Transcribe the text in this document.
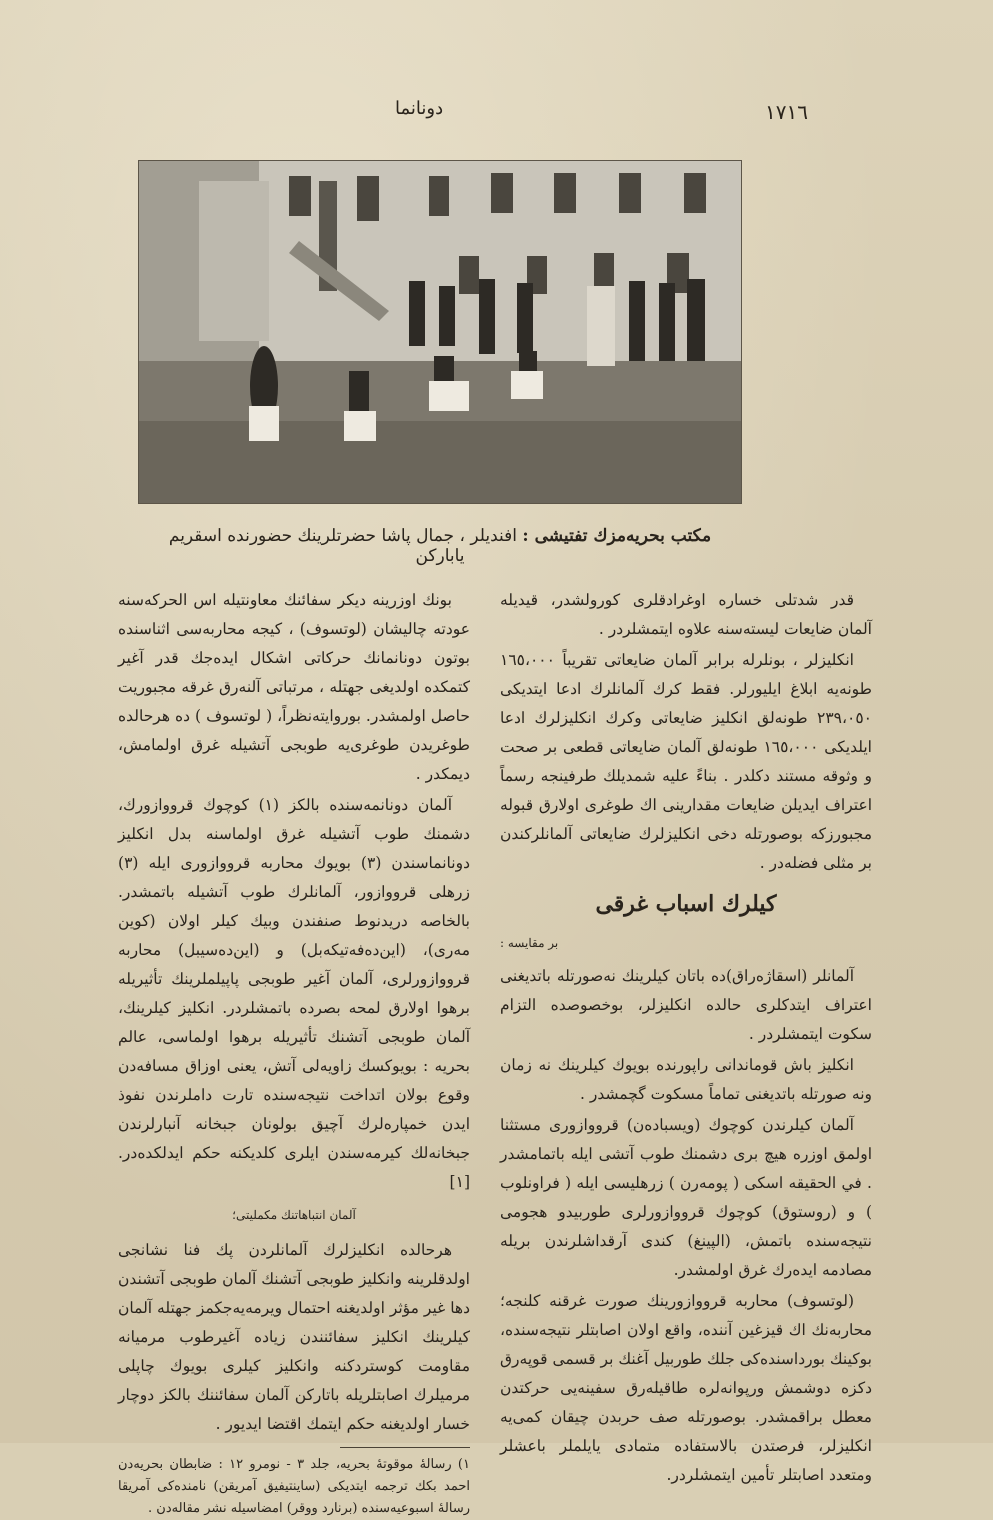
دونانما	١٧١٦
مكتب بحريه‌مزك تفتيشى : افنديلر ، جمال پاشا حضرتلرينك حضورنده اسقريم يابارکن

قدر شدتلى خساره اوغرادقلرى كورولشدر، قيديله آلمان ضايعات ليسته‌سنه علاوه ايتمشلردر .

انكليزلر ، بونلرله برابر آلمان ضايعاتى تقريباً ١٦٥،٠٠٠ طونه‌يه ابلاغ ايليورلر. فقط كرك آلمانلرك ادعا ايتديكى ٢٣٩،٠٥٠ طونه‌لق انكليز ضايعاتى وكرك انكليزلرك ادعا ايلديكى ١٦٥،٠٠٠ طونه‌لق آلمان ضايعاتى قطعى بر صحت و وثوقه مستند دكلدر . بناءً عليه شمديلك طرفينجه رسماً اعتراف ايديلن ضايعات مقدارينى اك طوغرى اولارق قبوله مجبورزكه بوصورتله دخى انكليزلرك ضايعاتى آلمانلركندن بر مثلى فضله‌در .

كيلرك اسباب غرقى
بر مقايسه :

آلمانلر (اسقاژه‌راق)ده باتان كيلرينك نه‌صورتله باتديغنى اعتراف ايتدكلرى حالده انكليزلر، بوخصوصده التزام سكوت ايتمشلردر .

انكليز باش قوماندانى راپورنده بويوك كيلرينك نه زمان ونه صورتله باتديغنى تماماً مسكوت گچمشدر .

آلمان كيلرندن كوچوك (ويسبادەن) قرووازورى مستثنا اولمق اوزره هيچ برى دشمنك طوب آتشى ايله باتمامشدر . في الحقيقه اسكى ( پومه‌رن ) زرهليسى ايله ( فراونلوب ) و (روستوق) كوچوك قرووازورلرى طوربيدو هجومى نتيجه‌سنده باتمش، (الپينغ) كندى آرقداشلرندن بريله مصادمه ايده‌رك غرق اولمشدر.

(لوتسوف) محاربه قرووازورينك صورت غرقنه كلنجه؛ محاربه‌نك اك قيزغين آننده، واقع اولان اصابتلر نتيجه‌سنده، بوكينك بورداسنده‌كى جلك طوربيل آغنك بر قسمى قوپه‌رق دكزه دوشمش ورپوانه‌لره طاقيله‌رق سفينه‌يى حركتدن معطل براقمشدر. بوصورتله صف حربدن چيقان كمى‌يه انكليزلر، فرصتدن بالاستفاده متمادى يايلملر باعشلر ومتعدد اصابتلر تأمين ايتمشلردر.

بونك اوزرينه ديكر سفائنك معاونتيله اس الحركه‌سنه عودته چاليشان (لوتسوف) ، كيجه محاربه‌سى اثناسنده بوتون دونانمانك حركاتى اشكال ايده‌جك قدر آغير كتمكده اولديغى جهتله ، مرتباتى آلنه‌رق غرقه مجبوريت حاصل اولمشدر. بوروايته‌نظراً، ( لوتسوف ) ده هرحالده طوغريدن طوغرى‌يه طوبجى آتشيله غرق اولمامش، ديمكدر .

آلمان دونانمه‌سنده بالكز (١) كوچوك قرووازورك، دشمنك طوب آتشيله غرق اولماسنه بدل انكليز دونانماسندن (٣) بويوك محاربه قرووازورى ايله (٣) زرهلى قرووازور، آلمانلرك طوب آتشيله باتمشدر. بالخاصه دريدنوط صنفندن وبيك كيلر اولان (كوين مه‌رى)، (اين‌ده‌فه‌تيكه‌بل) و (اين‌ده‌سيبل) محاربه قرووازورلرى، آلمان آغير طوبجى پاپيلملرينك تأثيريله برهوا اولارق لمحه بصرده باتمشلردر. انكليز كيلرينك، آلمان طوبجى آتشنك تأثيريله برهوا اولماسى، عالم بحريه : بويوكسك زاويه‌لى آتش، يعنى اوزاق مسافه‌دن وقوع بولان اتداخت نتيجه‌سنده تارت داملرندن نفوذ ايدن خمپاره‌لرك آچيق بولونان جبخانه آنبارلرندن جبخانه‌لك كيرمه‌سندن ايلرى كلديكنه حكم ايدلكده‌در. [١]

آلمان انتباهاتنك مكمليتى؛

هرحالده انكليزلرك آلمانلردن پك فنا نشانجى اولدقلرينه وانكليز طوبجى آتشنك آلمان طوبجى آتشندن دها غير مؤثر اولديغنه احتمال ويرمه‌يه‌جكمز جهتله آلمان كيلرينك انكليز سفائنندن زياده آغيرطوب مرميانه مقاومت كوستردكنه وانكليز كيلرى بويوك چاپلى مرميلرك اصابتلريله باتاركن آلمان سفائننك بالكز دوچار خسار اولديغنه حكم ايتمك اقتضا ايديور .

١) رسالهٔ موقوتهٔ بحريه، جلد ٣ - نومرو ١٢ : ضابطان بحريه‌دن احمد بكك ترجمه ايتديكى (ساينتيفيق آمريقن) نامنده‌كى آمريقا رسالهٔ اسبوعيه‌سنده (برنارد ووقر) امضاسيله نشر مقاله‌دن .
